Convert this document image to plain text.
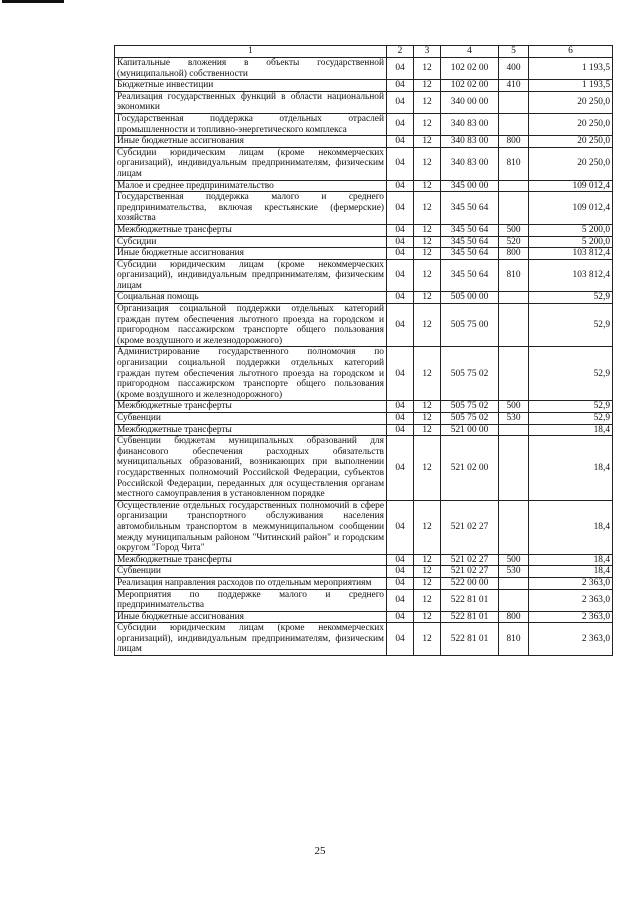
1	2	3	4	5	6
Капитальные вложения в объекты государственной (муниципальной) собственности	04	12	102 02 00	400	1 193,5
Бюджетные инвестиции	04	12	102 02 00	410	1 193,5
Реализация государственных функций в области национальной экономики	04	12	340 00 00		20 250,0
Государственная поддержка отдельных отраслей промышленности и топливно-энергетического комплекса	04	12	340 83 00		20 250,0
Иные бюджетные ассигнования	04	12	340 83 00	800	20 250,0
Субсидии юридическим лицам (кроме некоммерческих организаций), индивидуальным предпринимателям, физическим лицам	04	12	340 83 00	810	20 250,0
Малое и среднее предпринимательство	04	12	345 00 00		109 012,4
Государственная поддержка малого и среднего предпринимательства, включая крестьянские (фермерские) хозяйства	04	12	345 50 64		109 012,4
Межбюджетные трансферты	04	12	345 50 64	500	5 200,0
Субсидии	04	12	345 50 64	520	5 200,0
Иные бюджетные ассигнования	04	12	345 50 64	800	103 812,4
Субсидии юридическим лицам (кроме некоммерческих организаций), индивидуальным предпринимателям, физическим лицам	04	12	345 50 64	810	103 812,4
Социальная помощь	04	12	505 00 00		52,9
Организация социальной поддержки отдельных категорий граждан путем обеспечения льготного проезда на городском и пригородном пассажирском транспорте общего пользования (кроме воздушного и железнодорожного)	04	12	505 75 00		52,9
Администрирование государственного полномочия по организации социальной поддержки отдельных категорий граждан путем обеспечения льготного проезда на городском и пригородном пассажирском транспорте общего пользования (кроме воздушного и железнодорожного)	04	12	505 75 02		52,9
Межбюджетные трансферты	04	12	505 75 02	500	52,9
Субвенции	04	12	505 75 02	530	52,9
Межбюджетные трансферты	04	12	521 00 00		18,4
Субвенции бюджетам муниципальных образований для финансового обеспечения расходных обязательств муниципальных образований, возникающих при выполнении государственных полномочий Российской Федерации, субъектов Российской Федерации, переданных для осуществления органам местного самоуправления в установленном порядке	04	12	521 02 00		18,4
Осуществление отдельных государственных полномочий в сфере организации транспортного обслуживания населения автомобильным транспортом в межмуниципальном сообщении между муниципальным районом "Читинский район" и городским округом "Город Чита"	04	12	521 02 27		18,4
Межбюджетные трансферты	04	12	521 02 27	500	18,4
Субвенции	04	12	521 02 27	530	18,4
Реализация направления расходов по отдельным мероприятиям	04	12	522 00 00		2 363,0
Мероприятия по поддержке малого и среднего предпринимательства	04	12	522 81 01		2 363,0
Иные бюджетные ассигнования	04	12	522 81 01	800	2 363,0
Субсидии юридическим лицам (кроме некоммерческих организаций), индивидуальным предпринимателям, физическим лицам	04	12	522 81 01	810	2 363,0
25
